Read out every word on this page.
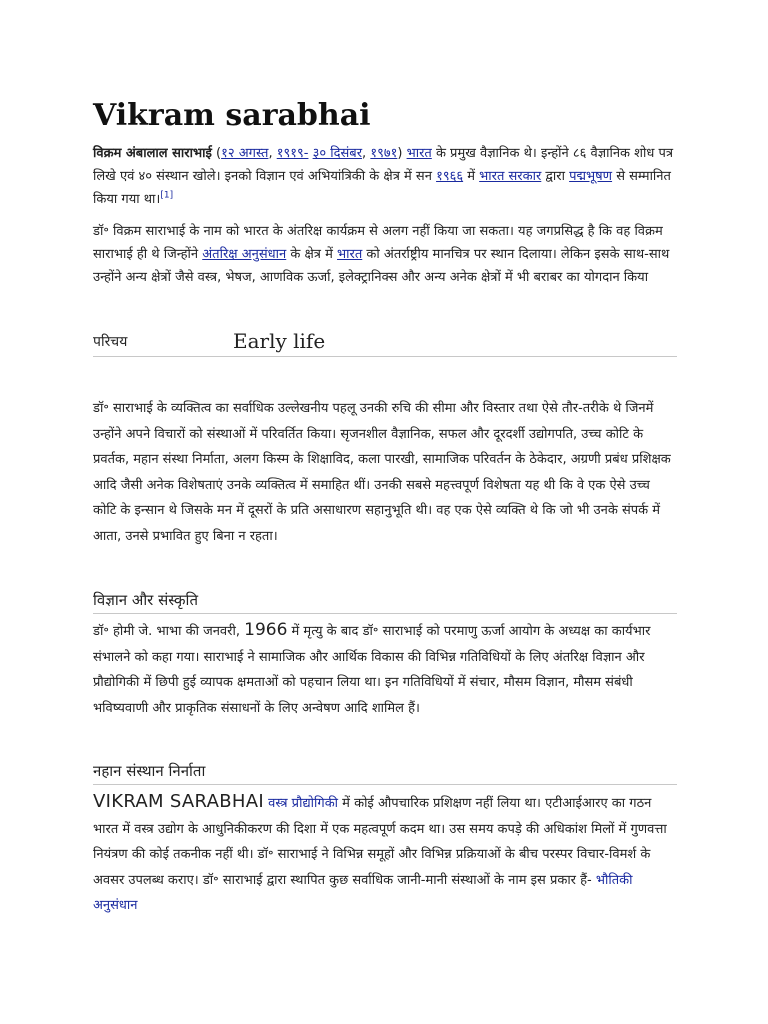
Vikram sarabhai

विक्रम अंबालाल साराभाई (१२ अगस्त, १९१९- ३० दिसंबर, १९७१) भारत के प्रमुख वैज्ञानिक थे। इन्होंने ८६ वैज्ञानिक शोध पत्र लिखे एवं ४० संस्थान खोले। इनको विज्ञान एवं अभियांत्रिकी के क्षेत्र में सन १९६६ में भारत सरकार द्वारा पद्मभूषण से सम्मानित किया गया था।[1]

डॉ॰ विक्रम साराभाई के नाम को भारत के अंतरिक्ष कार्यक्रम से अलग नहीं किया जा सकता। यह जगप्रसिद्ध है कि वह विक्रम साराभाई ही थे जिन्होंने अंतरिक्ष अनुसंधान के क्षेत्र में भारत को अंतर्राष्ट्रीय मानचित्र पर स्थान दिलाया। लेकिन इसके साथ-साथ उन्होंने अन्य क्षेत्रों जैसे वस्त्र, भेषज, आणविक ऊर्जा, इलेक्ट्रानिक्स और अन्य अनेक क्षेत्रों में भी बराबर का योगदान किया

परिचय	Early life

डॉ॰ साराभाई के व्यक्तित्व का सर्वाधिक उल्लेखनीय पहलू उनकी रुचि की सीमा और विस्तार तथा ऐसे तौर-तरीके थे जिनमें उन्होंने अपने विचारों को संस्थाओं में परिवर्तित किया। सृजनशील वैज्ञानिक, सफल और दूरदर्शी उद्योगपति, उच्च कोटि के प्रवर्तक, महान संस्था निर्माता, अलग किस्म के शिक्षाविद, कला पारखी, सामाजिक परिवर्तन के ठेकेदार, अग्रणी प्रबंध प्रशिक्षक आदि जैसी अनेक विशेषताएं उनके व्यक्तित्व में समाहित थीं। उनकी सबसे महत्त्वपूर्ण विशेषता यह थी कि वे एक ऐसे उच्च कोटि के इन्सान थे जिसके मन में दूसरों के प्रति असाधारण सहानुभूति थी। वह एक ऐसे व्यक्ति थे कि जो भी उनके संपर्क में आता, उनसे प्रभावित हुए बिना न रहता।

विज्ञान और संस्कृति

डॉ॰ होमी जे. भाभा की जनवरी, 1966 में मृत्यु के बाद डॉ॰ साराभाई को परमाणु ऊर्जा आयोग के अध्यक्ष का कार्यभार संभालने को कहा गया। साराभाई ने सामाजिक और आर्थिक विकास की विभिन्न गतिविधियों के लिए अंतरिक्ष विज्ञान और प्रौद्योगिकी में छिपी हुई व्यापक क्षमताओं को पहचान लिया था। इन गतिविधियों में संचार, मौसम विज्ञान, मौसम संबंधी भविष्यवाणी और प्राकृतिक संसाधनों के लिए अन्वेषण आदि शामिल हैं।

नहान संस्थान निर्नाता

VIKRAM SARABHAI वस्त्र प्रौद्योगिकी में कोई औपचारिक प्रशिक्षण नहीं लिया था। एटीआईआरए का गठन भारत में वस्त्र उद्योग के आधुनिकीकरण की दिशा में एक महत्वपूर्ण कदम था। उस समय कपड़े की अधिकांश मिलों में गुणवत्ता नियंत्रण की कोई तकनीक नहीं थी। डॉ॰ साराभाई ने विभिन्न समूहों और विभिन्न प्रक्रियाओं के बीच परस्पर विचार-विमर्श के अवसर उपलब्ध कराए। डॉ॰ साराभाई द्वारा स्थापित कुछ सर्वाधिक जानी-मानी संस्थाओं के नाम इस प्रकार हैं- भौतिकी अनुसंधान
